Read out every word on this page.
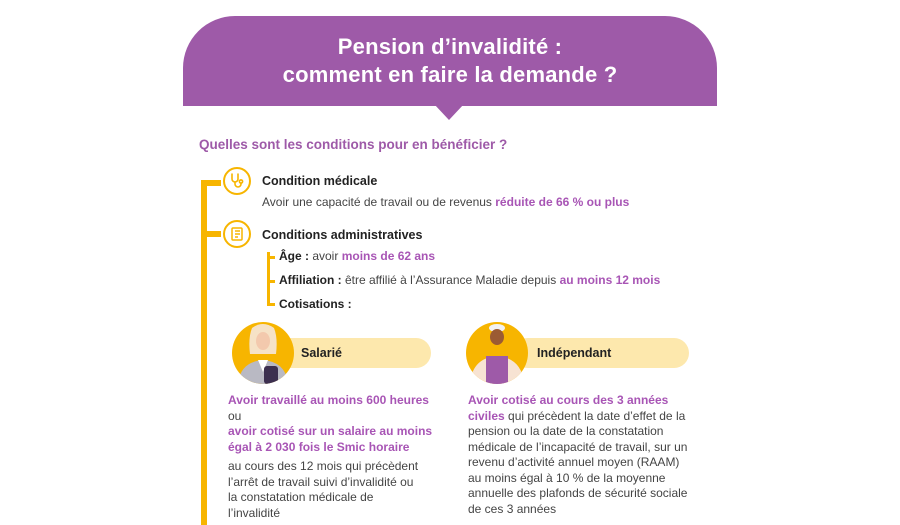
Pension d’invalidité :
comment en faire la demande ?
Quelles sont les conditions pour en bénéficier ?
Condition médicale
Avoir une capacité de travail ou de revenus réduite de 66 % ou plus
Conditions administratives
Âge : avoir moins de 62 ans
Affiliation : être affilié à l’Assurance Maladie depuis au moins 12 mois
Cotisations :
Salarié

Avoir travaillé au moins 600 heures

ou

avoir cotisé sur un salaire au moins

égal à 2 030 fois le Smic horaire

au cours des 12 mois qui précèdent

l’arrêt de travail suivi d’invalidité ou

la constatation médicale de

l’invalidité

Indépendant

Avoir cotisé au cours des 3 années

civiles qui précèdent la date d’effet de la

pension ou la date de la constatation

médicale de l’incapacité de travail, sur un

revenu d’activité annuel moyen (RAAM)

au moins égal à 10 % de la moyenne

annuelle des plafonds de sécurité sociale

de ces 3 années
